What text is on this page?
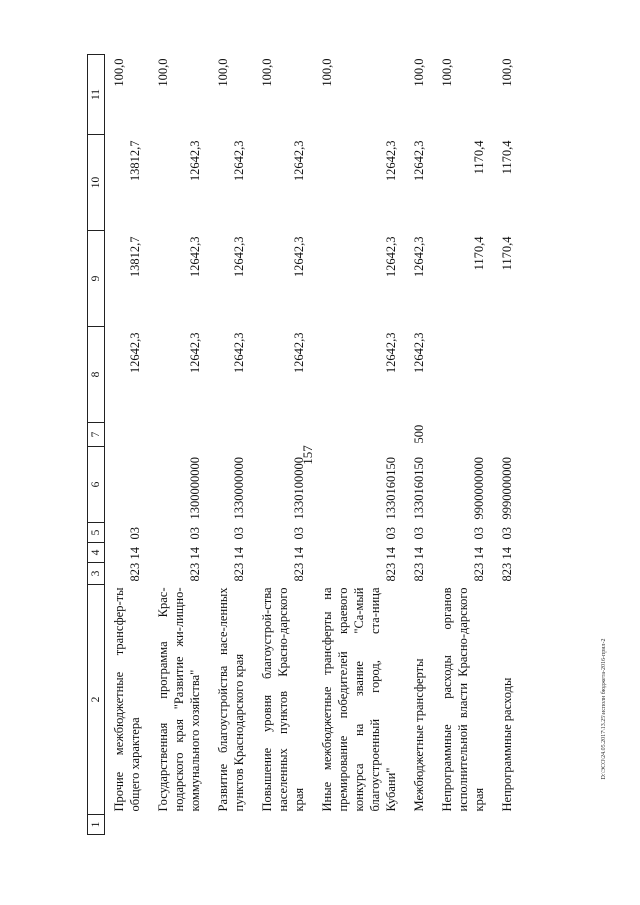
157
D:\ЭСО\24.05.2017\13.25\исполн бюджета-2016-прил-2
1	2	3	4	5	6	7	8	9	10	11
	Прочие межбюджетные трансфер-ты общего характера	823	14	03			12642,3	13812,7	13812,7	100,0
	Государственная программа Крас-нодарского края "Развитие жи-лищно-коммунального хозяйства"	823	14	03	1300000000		12642,3	12642,3	12642,3	100,0
	Развитие благоустройства насе-ленных пунктов Краснодарского края	823	14	03	1330000000		12642,3	12642,3	12642,3	100,0
	Повышение уровня благоустрой-ства населенных пунктов Красно-дарского края	823	14	03	1330100000		12642,3	12642,3	12642,3	100,0
	Иные межбюджетные трансферты на премирование победителей краевого конкурса на звание "Са-мый благоустроенный город, ста-ница Кубани"	823	14	03	1330160150		12642,3	12642,3	12642,3	100,0
	Межбюджетные трансферты	823	14	03	1330160150	500	12642,3	12642,3	12642,3	100,0
	Непрограммные расходы органов исполнительной власти Красно-дарского края	823	14	03	9900000000			1170,4	1170,4	100,0
	Непрограммные расходы	823	14	03	9990000000			1170,4	1170,4	100,0
